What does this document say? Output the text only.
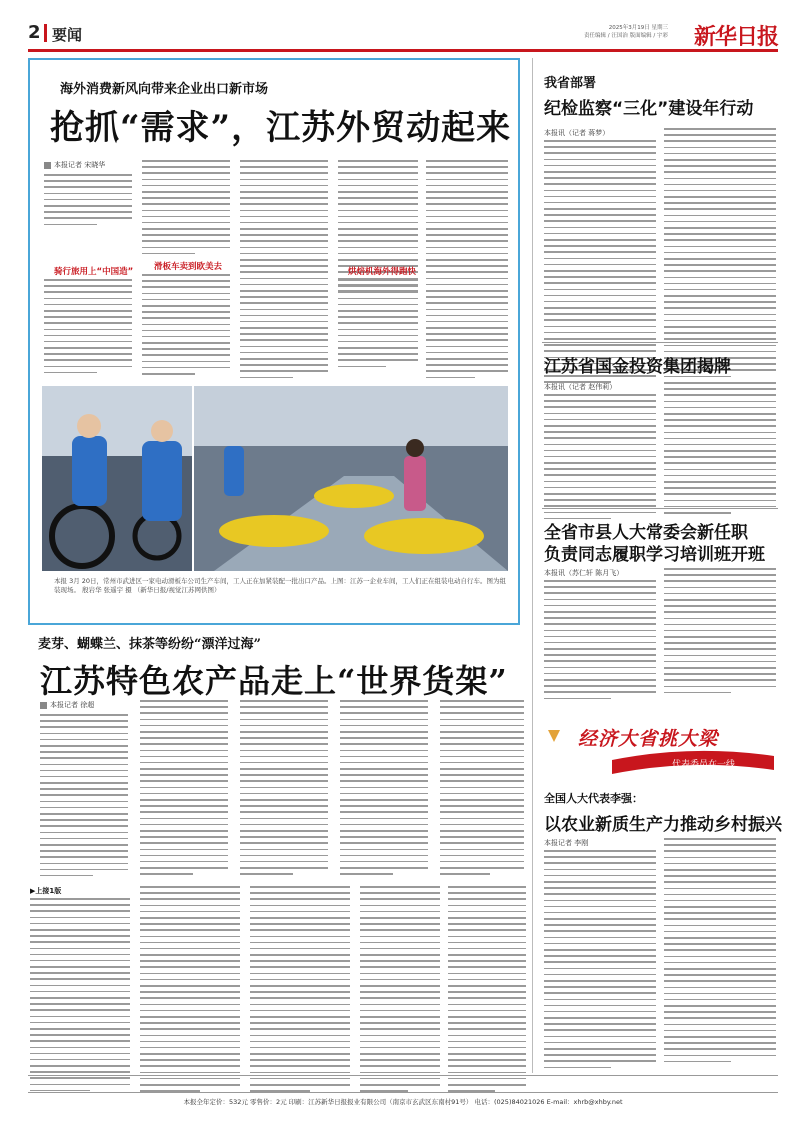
2 要闻	2025年3月19日 星期三
责任编辑 / 汪国治 版面编辑 / 宇彩 新华日报
海外消费新风向带来企业出口新市场
抢抓“需求”，江苏外贸动起来
本报记者 宋晓华
骑行旅用上“中国造” 滑板车卖到欧美去	烘焙机海外得跑快
本报 3月 20日，常州市武进区一家电动滑板车公司生产车间，工人正在加紧装配一批出口产品。上图：江苏一企业车间，工人们正在组装电动自行车。图为组装现场。 殷岩华 张遥宇 摄 （新华日报/视觉江苏网供图）
麦芽、蝴蝶兰、抹茶等纷纷“漂洋过海”
江苏特色农产品走上“世界货架”
本报记者 徐超
▶上接1版
我省部署
纪检监察“三化”建设年行动
本报讯（记者 蒋梦）
江苏省国金投资集团揭牌
本报讯（记者 赵伟莉）
全省市县人大常委会新任职
负责同志履职学习培训班开班
本报讯（苏仁轩 陈月飞）
经济大省挑大梁
代表委员在一线
全国人大代表李强：
以农业新质生产力推动乡村振兴
本报记者 李刚
本报全年定价：532元 零售价：2元 印刷：江苏新华日报报业有限公司（南京市玄武区东南村91号） 电话：(025)84021026 E-mail：xhrb@xhby.net
